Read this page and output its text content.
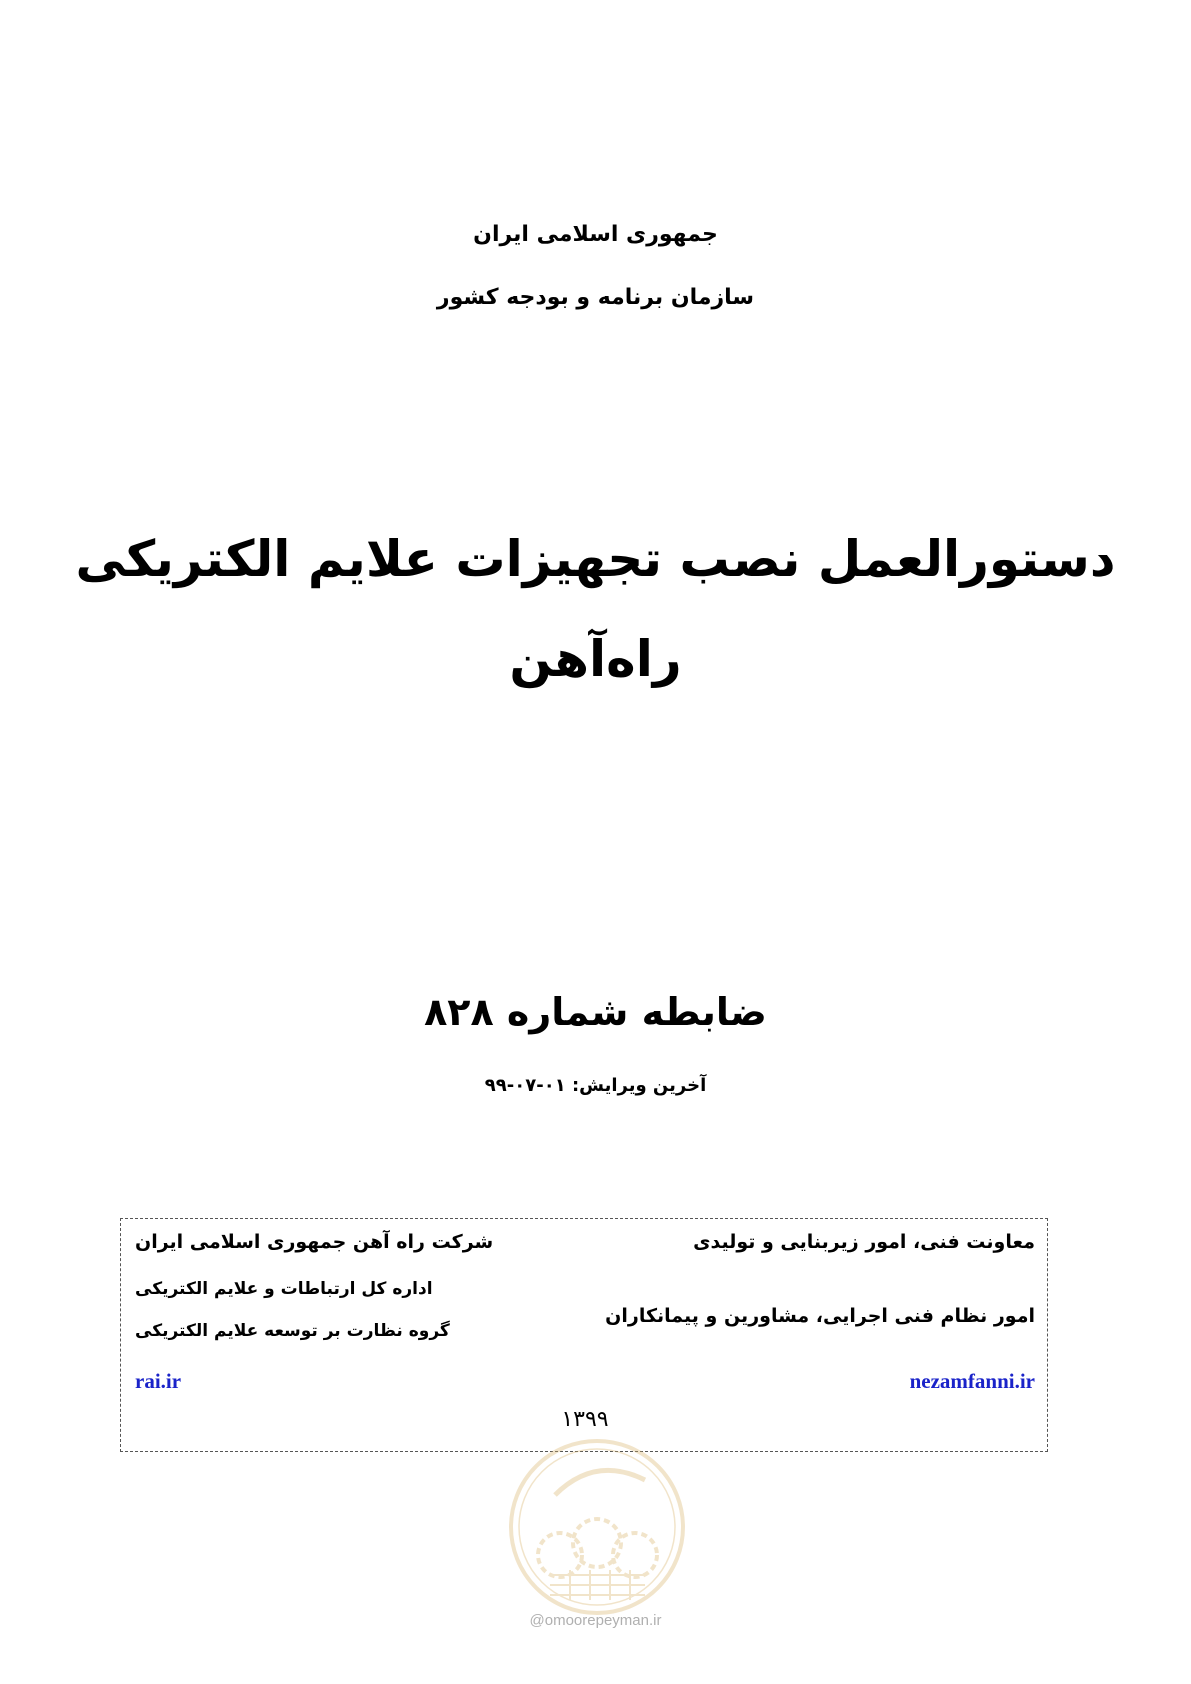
جمهوری اسلامی ایران
سازمان برنامه و بودجه کشور
دستورالعمل نصب تجهیزات علایم الکتریکی
راه‌آهن
ضابطه شماره ۸۲۸
آخرین ویرایش: ۰۱-۰۷-۹۹
معاونت فنی، امور زیربنایی و تولیدی
امور نظام فنی اجرایی، مشاورین و پیمانکاران
nezamfanni.ir
شرکت راه آهن جمهوری اسلامی ایران
اداره کل ارتباطات و علایم الکتریکی
گروه نظارت بر توسعه علایم الکتریکی
rai.ir
۱۳۹۹
@omoorepeyman.ir
